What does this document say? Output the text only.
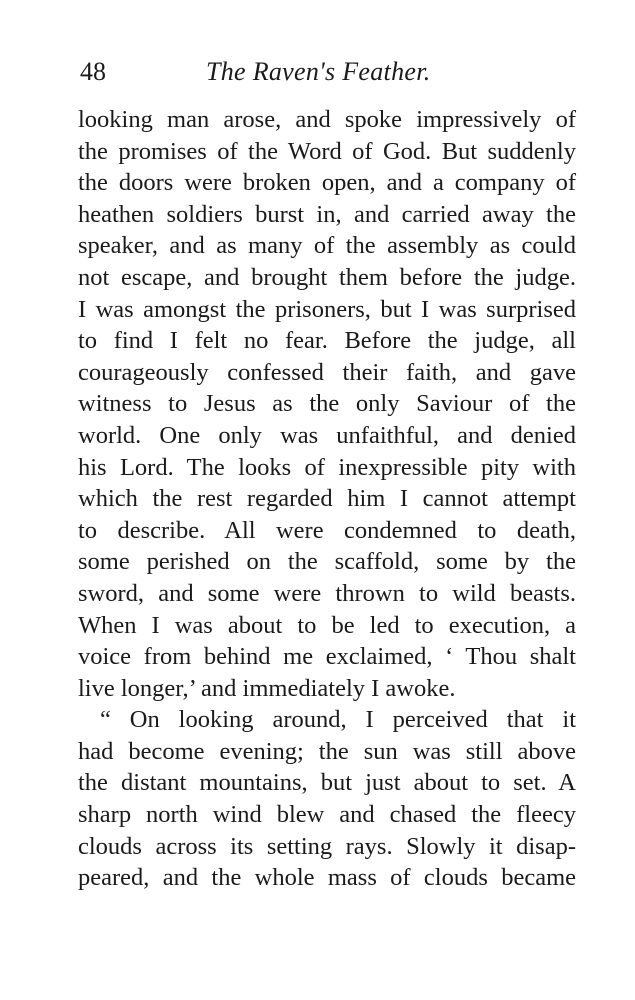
48	The Raven's Feather.
looking man arose, and spoke impressively of
the promises of the Word of God. But suddenly
the doors were broken open, and a company of
heathen soldiers burst in, and carried away the
speaker, and as many of the assembly as could
not escape, and brought them before the judge.
I was amongst the prisoners, but I was surprised
to find I felt no fear. Before the judge, all
courageously confessed their faith, and gave
witness to Jesus as the only Saviour of the
world. One only was unfaithful, and denied
his Lord. The looks of inexpressible pity with
which the rest regarded him I cannot attempt
to describe. All were condemned to death,
some perished on the scaffold, some by the
sword, and some were thrown to wild beasts.
When I was about to be led to execution, a
voice from behind me exclaimed, ‘ Thou shalt
live longer,’ and immediately I awoke.
“ On looking around, I perceived that it
had become evening; the sun was still above
the distant mountains, but just about to set. A
sharp north wind blew and chased the fleecy
clouds across its setting rays. Slowly it disap-
peared, and the whole mass of clouds became
